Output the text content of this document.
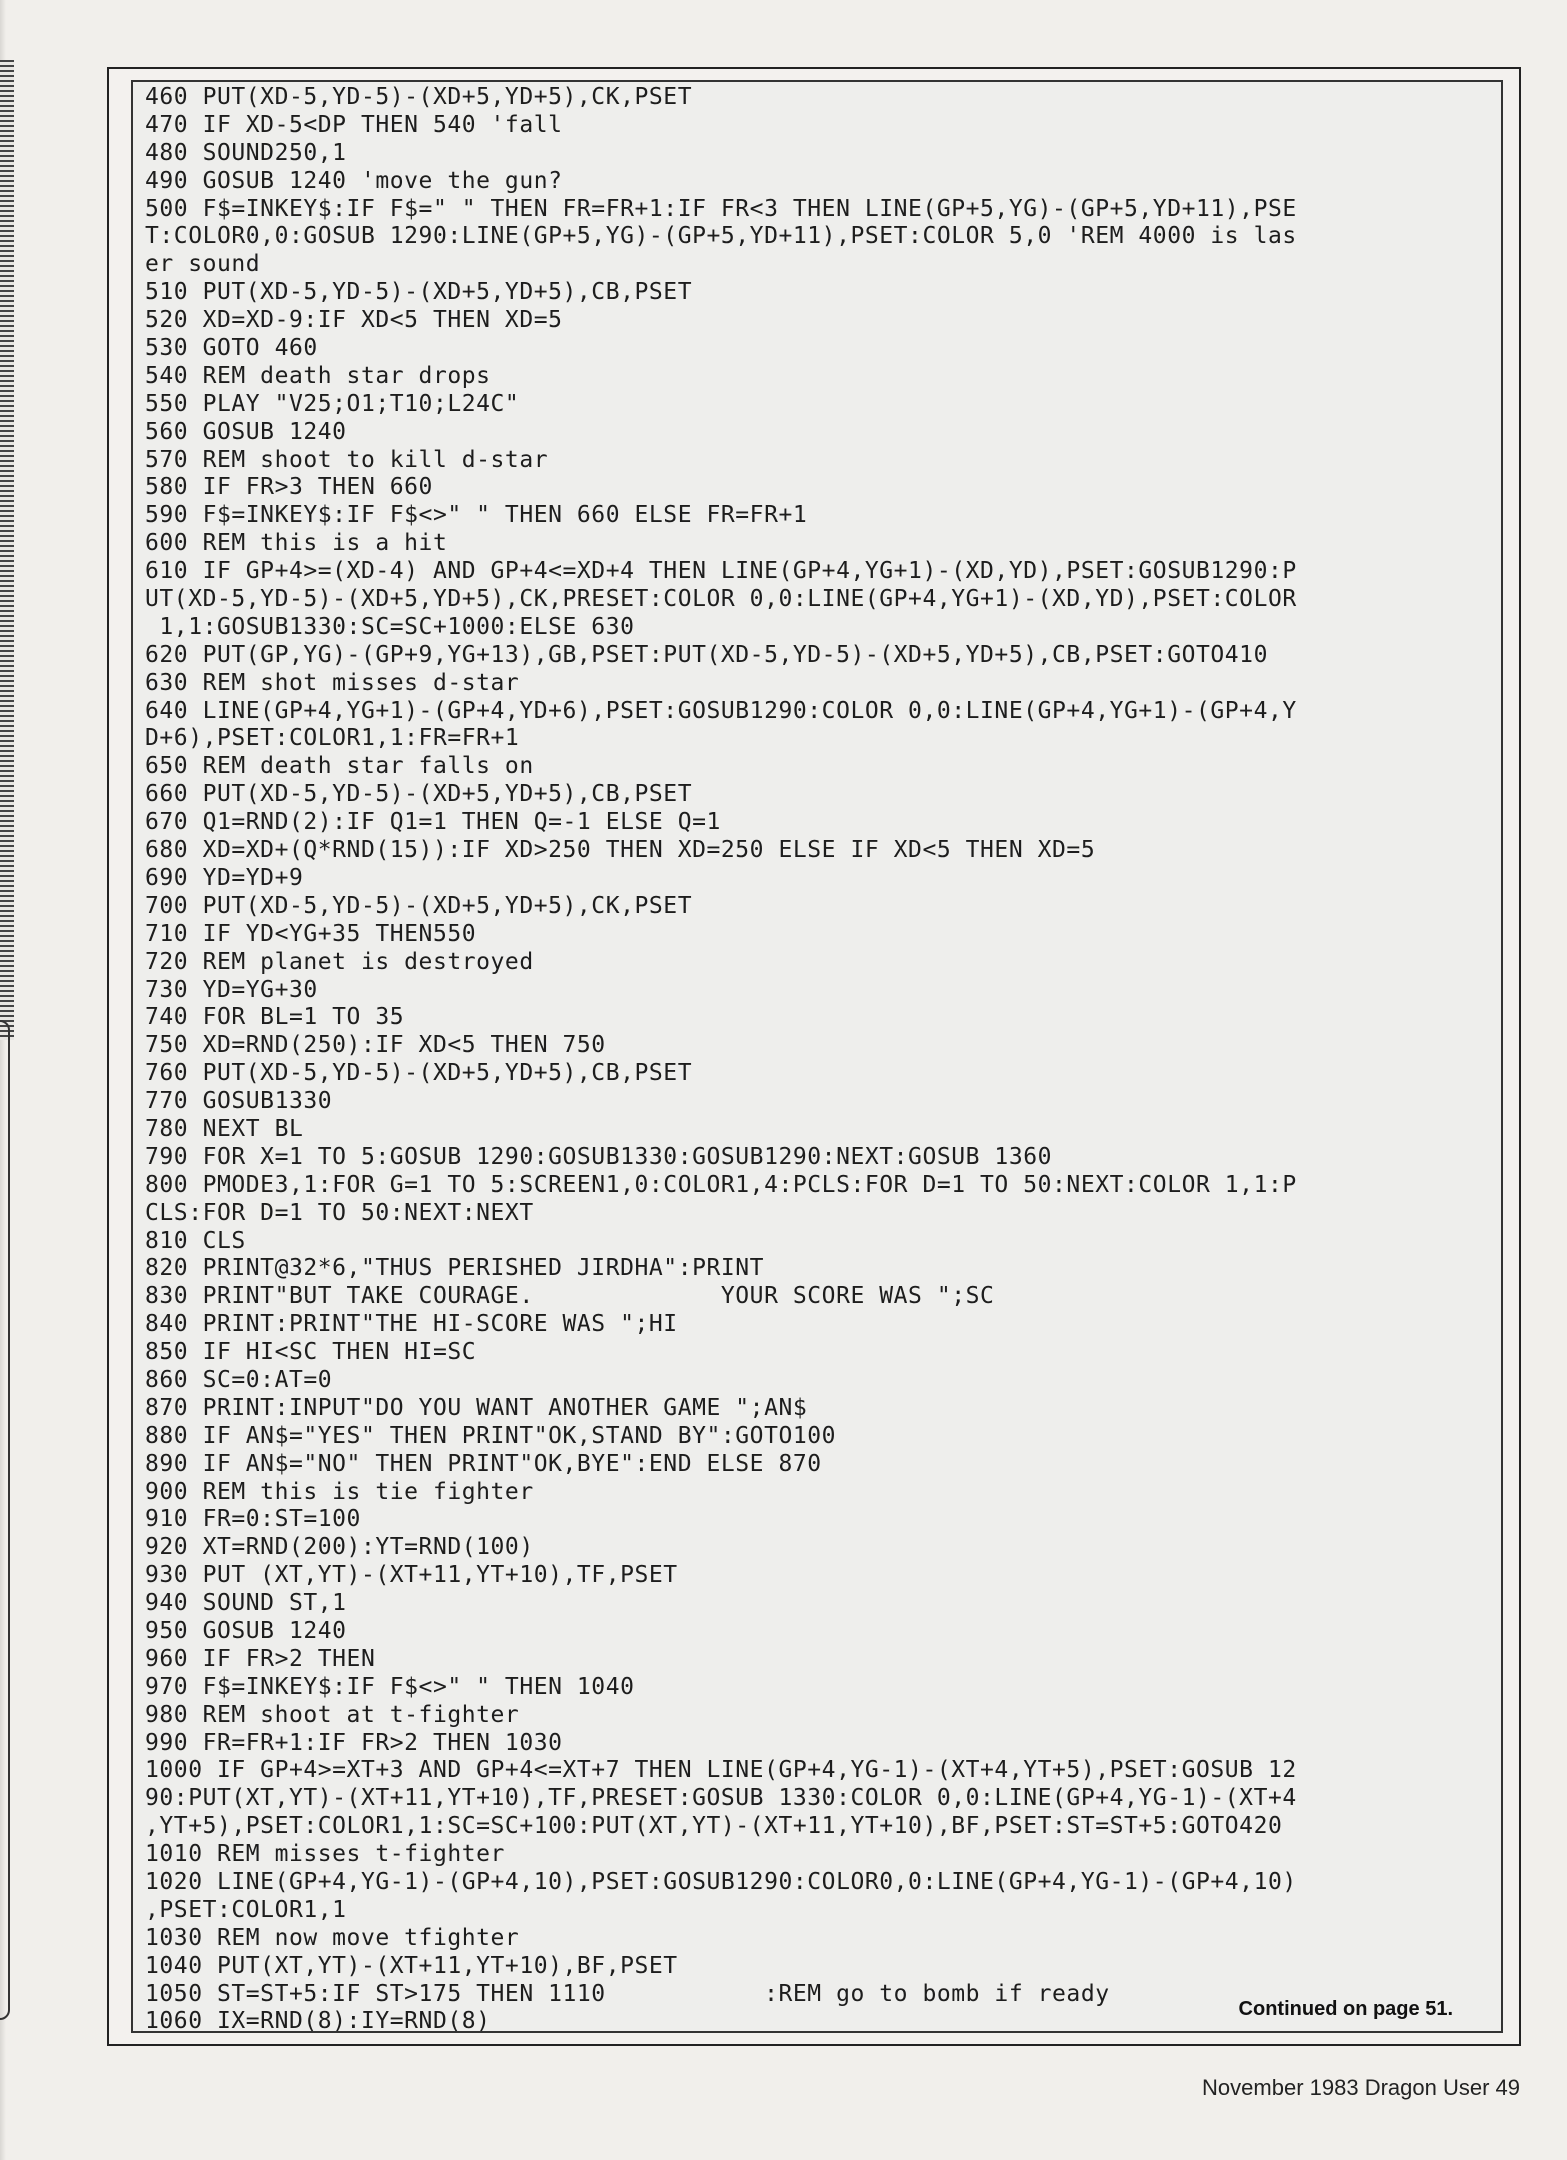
460 PUT(XD-5,YD-5)-(XD+5,YD+5),CK,PSET
470 IF XD-5<DP THEN 540 'fall
480 SOUND250,1
490 GOSUB 1240 'move the gun?
500 F$=INKEY$:IF F$=" " THEN FR=FR+1:IF FR<3 THEN LINE(GP+5,YG)-(GP+5,YD+11),PSE
T:COLOR0,0:GOSUB 1290:LINE(GP+5,YG)-(GP+5,YD+11),PSET:COLOR 5,0 'REM 4000 is las
er sound
510 PUT(XD-5,YD-5)-(XD+5,YD+5),CB,PSET
520 XD=XD-9:IF XD<5 THEN XD=5
530 GOTO 460
540 REM death star drops
550 PLAY "V25;O1;T10;L24C"
560 GOSUB 1240
570 REM shoot to kill d-star
580 IF FR>3 THEN 660
590 F$=INKEY$:IF F$<>" " THEN 660 ELSE FR=FR+1
600 REM this is a hit
610 IF GP+4>=(XD-4) AND GP+4<=XD+4 THEN LINE(GP+4,YG+1)-(XD,YD),PSET:GOSUB1290:P
UT(XD-5,YD-5)-(XD+5,YD+5),CK,PRESET:COLOR 0,0:LINE(GP+4,YG+1)-(XD,YD),PSET:COLOR
1,1:GOSUB1330:SC=SC+1000:ELSE 630
620 PUT(GP,YG)-(GP+9,YG+13),GB,PSET:PUT(XD-5,YD-5)-(XD+5,YD+5),CB,PSET:GOTO410
630 REM shot misses d-star
640 LINE(GP+4,YG+1)-(GP+4,YD+6),PSET:GOSUB1290:COLOR 0,0:LINE(GP+4,YG+1)-(GP+4,Y
D+6),PSET:COLOR1,1:FR=FR+1
650 REM death star falls on
660 PUT(XD-5,YD-5)-(XD+5,YD+5),CB,PSET
670 Q1=RND(2):IF Q1=1 THEN Q=-1 ELSE Q=1
680 XD=XD+(Q*RND(15)):IF XD>250 THEN XD=250 ELSE IF XD<5 THEN XD=5
690 YD=YD+9
700 PUT(XD-5,YD-5)-(XD+5,YD+5),CK,PSET
710 IF YD<YG+35 THEN550
720 REM planet is destroyed
730 YD=YG+30
740 FOR BL=1 TO 35
750 XD=RND(250):IF XD<5 THEN 750
760 PUT(XD-5,YD-5)-(XD+5,YD+5),CB,PSET
770 GOSUB1330
780 NEXT BL
790 FOR X=1 TO 5:GOSUB 1290:GOSUB1330:GOSUB1290:NEXT:GOSUB 1360
800 PMODE3,1:FOR G=1 TO 5:SCREEN1,0:COLOR1,4:PCLS:FOR D=1 TO 50:NEXT:COLOR 1,1:P
CLS:FOR D=1 TO 50:NEXT:NEXT
810 CLS
820 PRINT@32*6,"THUS PERISHED JIRDHA":PRINT
830 PRINT"BUT TAKE COURAGE.             YOUR SCORE WAS ";SC
840 PRINT:PRINT"THE HI-SCORE WAS ";HI
850 IF HI<SC THEN HI=SC
860 SC=0:AT=0
870 PRINT:INPUT"DO YOU WANT ANOTHER GAME ";AN$
880 IF AN$="YES" THEN PRINT"OK,STAND BY":GOTO100
890 IF AN$="NO" THEN PRINT"OK,BYE":END ELSE 870
900 REM this is tie fighter
910 FR=0:ST=100
920 XT=RND(200):YT=RND(100)
930 PUT (XT,YT)-(XT+11,YT+10),TF,PSET
940 SOUND ST,1
950 GOSUB 1240
960 IF FR>2 THEN
970 F$=INKEY$:IF F$<>" " THEN 1040
980 REM shoot at t-fighter
990 FR=FR+1:IF FR>2 THEN 1030
1000 IF GP+4>=XT+3 AND GP+4<=XT+7 THEN LINE(GP+4,YG-1)-(XT+4,YT+5),PSET:GOSUB 12
90:PUT(XT,YT)-(XT+11,YT+10),TF,PRESET:GOSUB 1330:COLOR 0,0:LINE(GP+4,YG-1)-(XT+4
,YT+5),PSET:COLOR1,1:SC=SC+100:PUT(XT,YT)-(XT+11,YT+10),BF,PSET:ST=ST+5:GOTO420
1010 REM misses t-fighter
1020 LINE(GP+4,YG-1)-(GP+4,10),PSET:GOSUB1290:COLOR0,0:LINE(GP+4,YG-1)-(GP+4,10)
,PSET:COLOR1,1
1030 REM now move tfighter
1040 PUT(XT,YT)-(XT+11,YT+10),BF,PSET
1050 ST=ST+5:IF ST>175 THEN 1110           :REM go to bomb if ready
1060 IX=RND(8):IY=RND(8)	Continued on page 51.
November 1983 Dragon User 49
